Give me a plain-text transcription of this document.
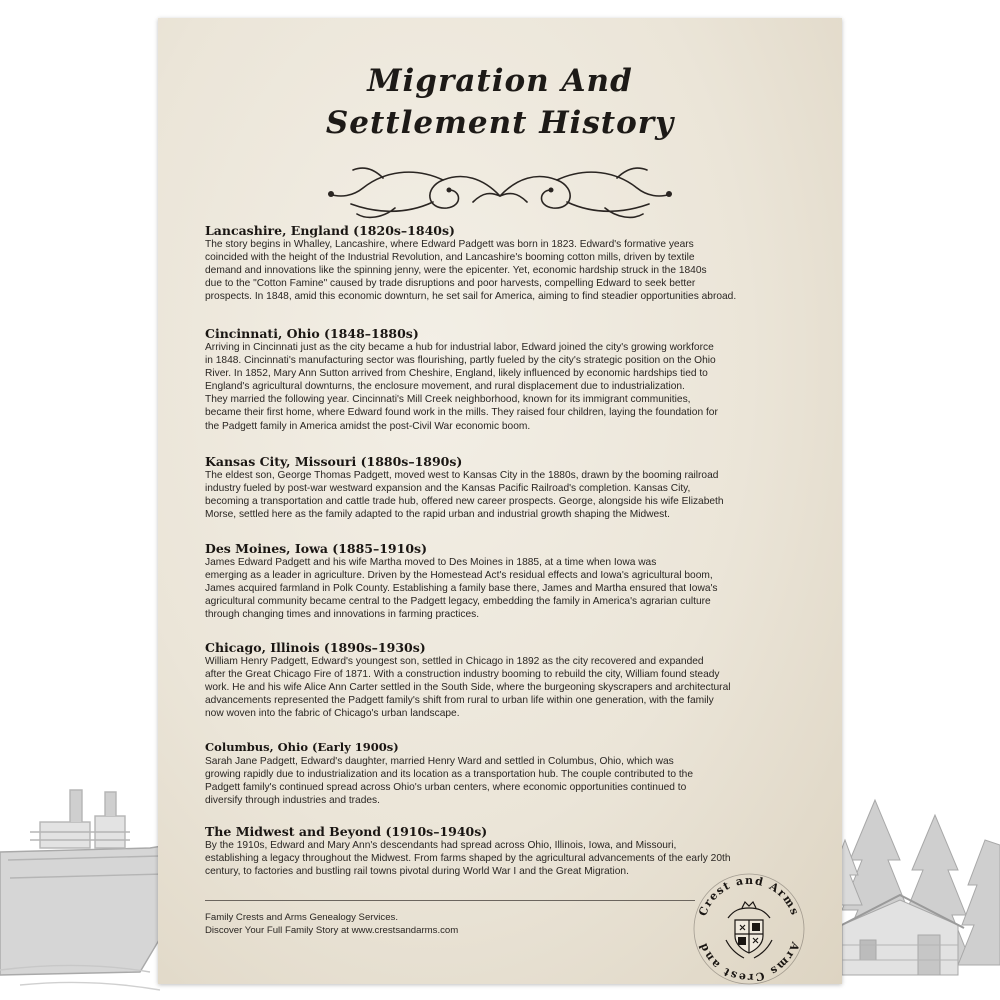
Migration And
Settlement History
Lancashire, England (1820s–1840s)
The story begins in Whalley, Lancashire, where Edward Padgett was born in 1823. Edward's formative years
coincided with the height of the Industrial Revolution, and Lancashire's booming cotton mills, driven by textile
demand and innovations like the spinning jenny, were the epicenter. Yet, economic hardship struck in the 1840s
due to the "Cotton Famine" caused by trade disruptions and poor harvests, compelling Edward to seek better
prospects. In 1848, amid this economic downturn, he set sail for America, aiming to find steadier opportunities abroad.
Cincinnati, Ohio (1848–1880s)
Arriving in Cincinnati just as the city became a hub for industrial labor, Edward joined the city's growing workforce
in 1848. Cincinnati's manufacturing sector was flourishing, partly fueled by the city's strategic position on the Ohio
River. In 1852, Mary Ann Sutton arrived from Cheshire, England, likely influenced by economic hardships tied to
England's agricultural downturns, the enclosure movement, and rural displacement due to industrialization.
They married the following year. Cincinnati's Mill Creek neighborhood, known for its immigrant communities,
became their first home, where Edward found work in the mills. They raised four children, laying the foundation for
the Padgett family in America amidst the post-Civil War economic boom.
Kansas City, Missouri (1880s–1890s)
The eldest son, George Thomas Padgett, moved west to Kansas City in the 1880s, drawn by the booming railroad
industry fueled by post-war westward expansion and the Kansas Pacific Railroad's completion. Kansas City,
becoming a transportation and cattle trade hub, offered new career prospects. George, alongside his wife Elizabeth
Morse, settled here as the family adapted to the rapid urban and industrial growth shaping the Midwest.
Des Moines, Iowa (1885–1910s)
James Edward Padgett and his wife Martha moved to Des Moines in 1885, at a time when Iowa was
emerging as a leader in agriculture. Driven by the Homestead Act's residual effects and Iowa's agricultural boom,
James acquired farmland in Polk County. Establishing a family base there, James and Martha ensured that Iowa's
agricultural community became central to the Padgett legacy, embedding the family in America's agrarian culture
through changing times and innovations in farming practices.
Chicago, Illinois (1890s–1930s)
William Henry Padgett, Edward's youngest son, settled in Chicago in 1892 as the city recovered and expanded
after the Great Chicago Fire of 1871. With a construction industry booming to rebuild the city, William found steady
work. He and his wife Alice Ann Carter settled in the South Side, where the burgeoning skyscrapers and architectural
advancements represented the Padgett family's shift from rural to urban life within one generation, with the family
now woven into the fabric of Chicago's urban landscape.
Columbus, Ohio (Early 1900s)
Sarah Jane Padgett, Edward's daughter, married Henry Ward and settled in Columbus, Ohio, which was
growing rapidly due to industrialization and its location as a transportation hub. The couple contributed to the
Padgett family's continued spread across Ohio's urban centers, where economic opportunities continued to
diversify through industries and trades.
The Midwest and Beyond (1910s–1940s)
By the 1910s, Edward and Mary Ann's descendants had spread across Ohio, Illinois, Iowa, and Missouri,
establishing a legacy throughout the Midwest. From farms shaped by the agricultural advancements of the early 20th
century, to factories and bustling rail towns pivotal during World War I and the Great Migration.
Family Crests and Arms Genealogy Services.
Discover Your Full Family Story at www.crestsandarms.com
Crest and Arms
Arms Crest and
